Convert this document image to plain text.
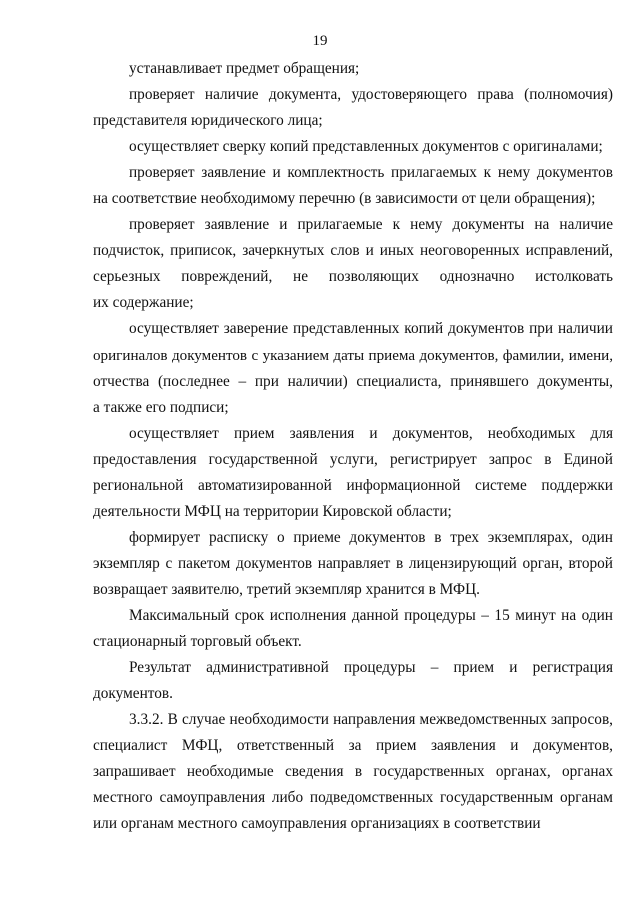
19
устанавливает предмет обращения;
проверяет наличие документа, удостоверяющего права (полномочия)
представителя юридического лица;
осуществляет сверку копий представленных документов с оригиналами;
проверяет заявление и комплектность прилагаемых к нему документов
на соответствие необходимому перечню (в зависимости от цели обращения);
проверяет заявление и прилагаемые к нему документы на наличие
подчисток, приписок, зачеркнутых слов и иных неоговоренных исправлений,
серьезных повреждений, не позволяющих однозначно истолковать
их содержание;
осуществляет заверение представленных копий документов при наличии
оригиналов документов с указанием даты приема документов, фамилии, имени,
отчества (последнее – при наличии) специалиста, принявшего документы,
а также его подписи;
осуществляет прием заявления и документов, необходимых для
предоставления государственной услуги, регистрирует запрос в Единой
региональной автоматизированной информационной системе поддержки
деятельности МФЦ на территории Кировской области;
формирует расписку о приеме документов в трех экземплярах, один
экземпляр с пакетом документов направляет в лицензирующий орган, второй
возвращает заявителю, третий экземпляр хранится в МФЦ.
Максимальный срок исполнения данной процедуры – 15 минут на один
стационарный торговый объект.
Результат административной процедуры – прием и регистрация
документов.
3.3.2. В случае необходимости направления межведомственных запросов,
специалист МФЦ, ответственный за прием заявления и документов,
запрашивает необходимые сведения в государственных органах, органах
местного самоуправления либо подведомственных государственным органам
или органам местного самоуправления организациях в соответствии
